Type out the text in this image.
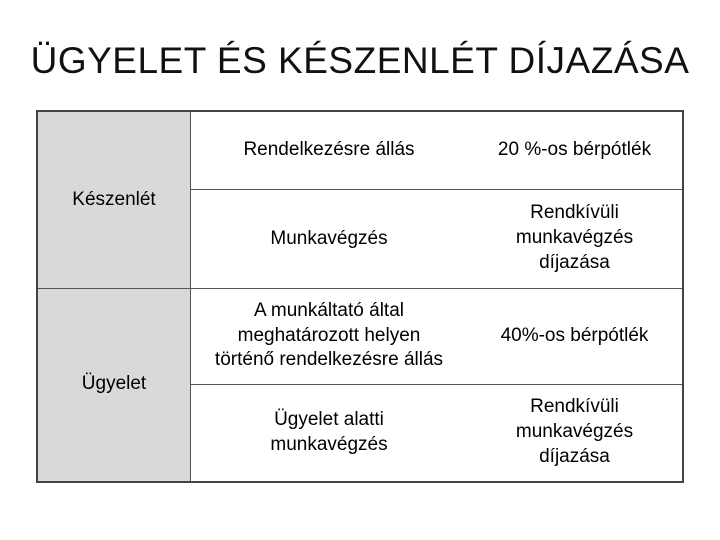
ÜGYELET ÉS KÉSZENLÉT DÍJAZÁSA
Készenlét
Ügyelet
Rendelkezésre állás	20 %-os bérpótlék
Munkavégzés
Rendkívüli
munkavégzés
díjazása
A munkáltató által
meghatározott helyen
történő rendelkezésre állás
40%-os bérpótlék
Ügyelet alatti
munkavégzés
Rendkívüli
munkavégzés
díjazása
